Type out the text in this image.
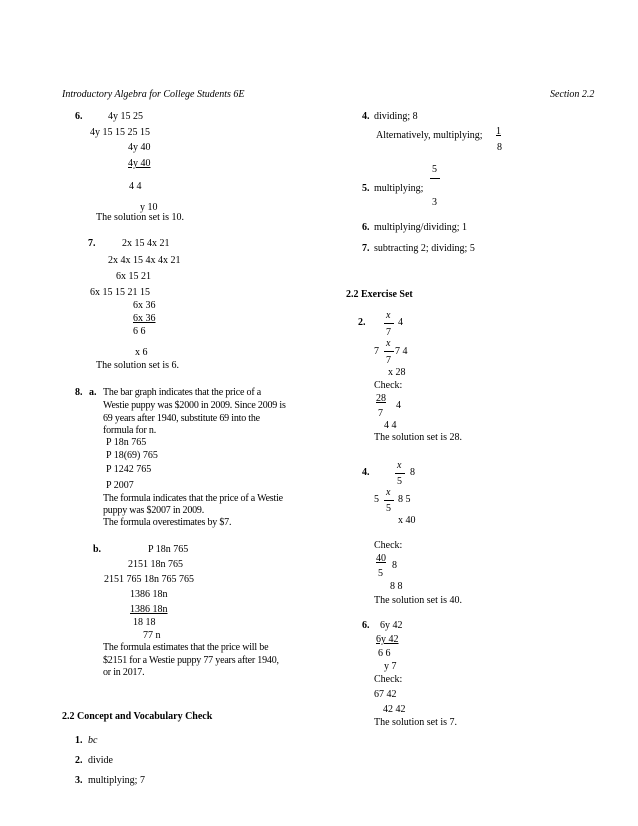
Introductory Algebra for College Students 6E	Section 2.2
6.	4y 15 25
4y 15 15 25 15
4y 40
4y 40
4 4
y 10
The solution set is 10.
7.	2x 15 4x 21
2x 4x 15 4x 4x 21
6x 15 21
6x 15 15 21 15
6x 36
6x 36
6 6
x 6
The solution set is 6.
8. a. The bar graph indicates that the price of a
Westie puppy was $2000 in 2009. Since 2009 is
69 years after 1940, substitute 69 into the
formula for n.
P 18n 765
P 18(69) 765
P 1242 765
P 2007
The formula indicates that the price of a Westie
puppy was $2007 in 2009.
The formula overestimates by $7.
b.	P 18n 765
2151 18n 765
2151 765 18n 765 765
1386 18n
1386 18n
18 18
77 n
The formula estimates that the price will be
$2151 for a Westie puppy 77 years after 1940,
or in 2017.
2.2 Concept and Vocabulary Check
1. bc
2. divide
3. multiplying; 7
4. dividing; 8
Alternatively, multiplying; 1
8
5
5. multiplying;
3
6. multiplying/dividing; 1
7. subtracting 2; dividing; 5
2.2 Exercise Set
x
2.	4
7
7
x
7 4
7
x 28
Check:
28
4
7
4 4
The solution set is 28.
x
4.	8
5
5
x
8 5
5
x 40
Check:
40
8
5
8 8
The solution set is 40.
6. 6y 42
6y 42
6 6
y 7
Check:
67 42
42 42
The solution set is 7.
